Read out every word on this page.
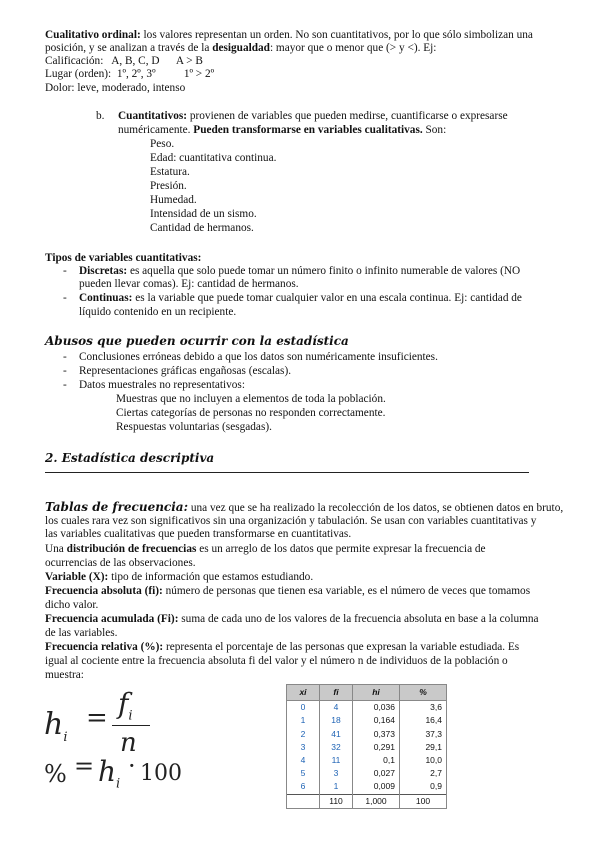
Cualitativo ordinal: los valores representan un orden. No son cuantitativos, por lo que sólo simbolizan una
posición, y se analizan a través de la desigualdad: mayor que o menor que (> y <). Ej:
Calificación:   A, B, C, D      A > B
Lugar (orden):  1º, 2º, 3º          1º > 2º
Dolor: leve, moderado, intenso
b. Cuantitativos: provienen de variables que pueden medirse, cuantificarse o expresarse
numéricamente. Pueden transformarse en variables cualitativas. Son:
Peso.
Edad: cuantitativa continua.
Estatura.
Presión.
Humedad.
Intensidad de un sismo.
Cantidad de hermanos.
Tipos de variables cuantitativas:
- Discretas: es aquella que solo puede tomar un número finito o infinito numerable de valores (NO
pueden llevar comas). Ej: cantidad de hermanos.
- Continuas: es la variable que puede tomar cualquier valor en una escala continua. Ej: cantidad de
líquido contenido en un recipiente.
Abusos que pueden ocurrir con la estadística
- Conclusiones erróneas debido a que los datos son numéricamente insuficientes.
- Representaciones gráficas engañosas (escalas).
- Datos muestrales no representativos:
Muestras que no incluyen a elementos de toda la población.
Ciertas categorías de personas no responden correctamente.
Respuestas voluntarias (sesgadas).
2. Estadística descriptiva
Tablas de frecuencia: una vez que se ha realizado la recolección de los datos, se obtienen datos en bruto,
los cuales rara vez son significativos sin una organización y tabulación. Se usan con variables cuantitativas y
las variables cualitativas que pueden transformarse en cuantitativas.
Una distribución de frecuencias es un arreglo de los datos que permite expresar la frecuencia de
ocurrencias de las observaciones.
Variable (X): tipo de información que estamos estudiando.
Frecuencia absoluta (fi): número de personas que tienen esa variable, es el número de veces que tomamos
dicho valor.
Frecuencia acumulada (Fi): suma de cada uno de los valores de la frecuencia absoluta en base a la columna
de las variables.
Frecuencia relativa (%): representa el porcentaje de las personas que expresan la variable estudiada. Es
igual al cociente entre la frecuencia absoluta fi del valor y el número n de individuos de la población o
muestra:
$h_i$
= $f_i$
n
% = $h_i$
· 100
xi	fi	hi	%
0	4	0,036	3,6
1	18	0,164	16,4
2	41	0,373	37,3
3	32	0,291	29,1
4	11	0,1	10,0
5	3	0,027	2,7
6	1	0,009	0,9
	110	1,000	100
